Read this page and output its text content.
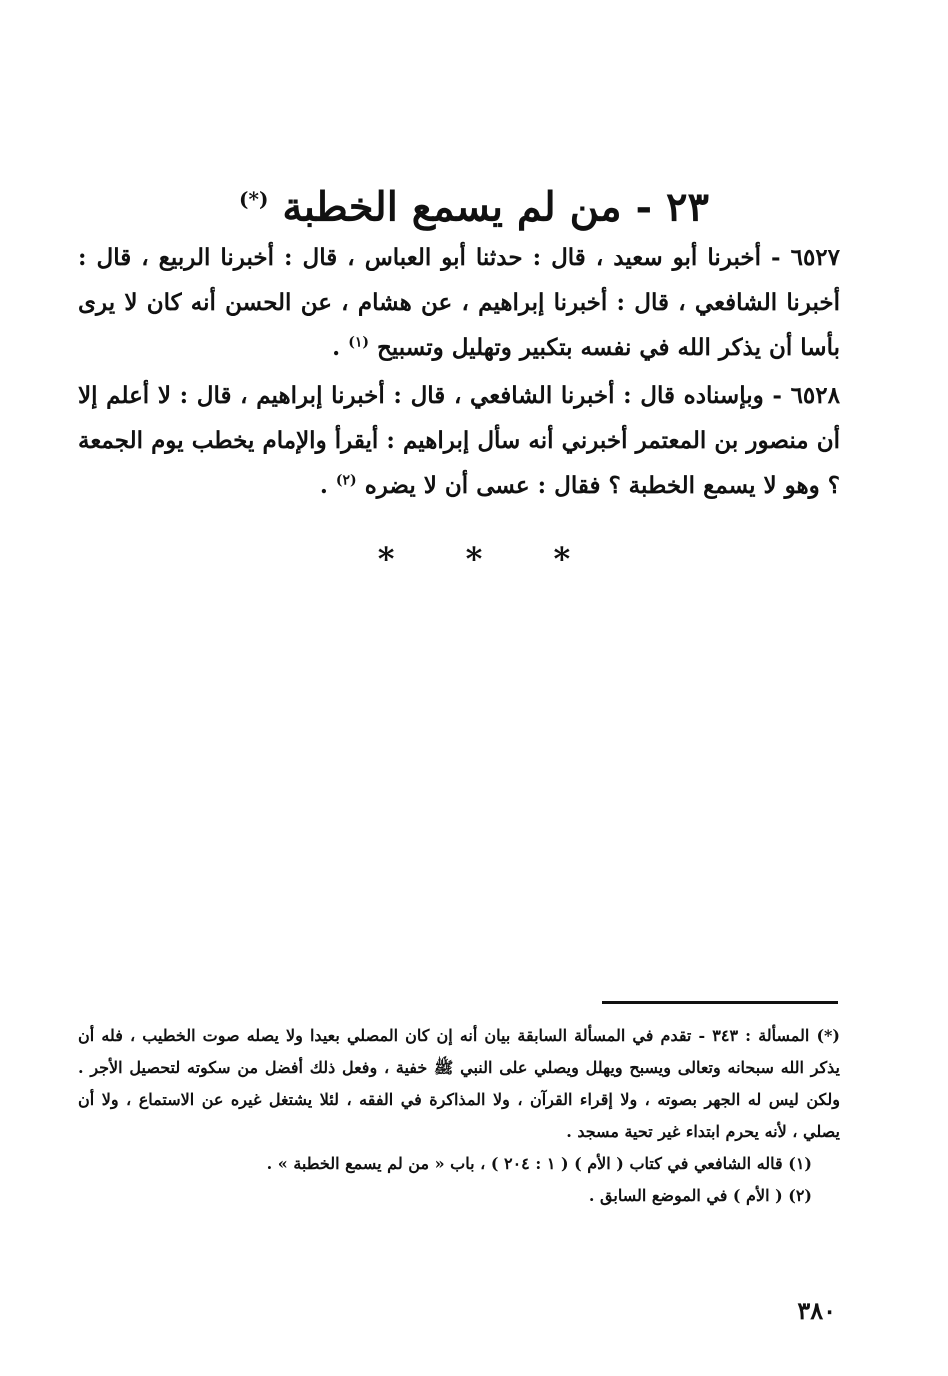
٢٣ - من لم يسمع الخطبة (*)

٦٥٢٧ - أخبرنا أبو سعيد ، قال : حدثنا أبو العباس ، قال : أخبرنا الربيع ، قال : أخبرنا الشافعي ، قال : أخبرنا إبراهيم ، عن هشام ، عن الحسن أنه كان لا يرى بأسا أن يذكر الله في نفسه بتكبير وتهليل وتسبيح $^{(١)}$ .

٦٥٢٨ - وبإسناده قال : أخبرنا الشافعي ، قال : أخبرنا إبراهيم ، قال : لا أعلم إلا أن منصور بن المعتمر أخبرني أنه سأل إبراهيم : أيقرأ والإمام يخطب يوم الجمعة ؟ وهو لا يسمع الخطبة ؟ فقال : عسى أن لا يضره $^{(٢)}$ .

* * *

(*) المسألة : ٣٤٣ - تقدم في المسألة السابقة بيان أنه إن كان المصلي بعيدا ولا يصله صوت الخطيب ، فله أن يذكر الله سبحانه وتعالى ويسبح ويهلل ويصلي على النبي ﷺ خفية ، وفعل ذلك أفضل من سكوته لتحصيل الأجر . ولكن ليس له الجهر بصوته ، ولا إقراء القرآن ، ولا المذاكرة في الفقه ، لئلا يشتغل غيره عن الاستماع ، ولا أن يصلي ، لأنه يحرم ابتداء غير تحية مسجد .

(١) قاله الشافعي في كتاب ( الأم ) ( ١ : ٢٠٤ ) ، باب « من لم يسمع الخطبة » .

(٢) ( الأم ) في الموضع السابق .

٣٨٠
